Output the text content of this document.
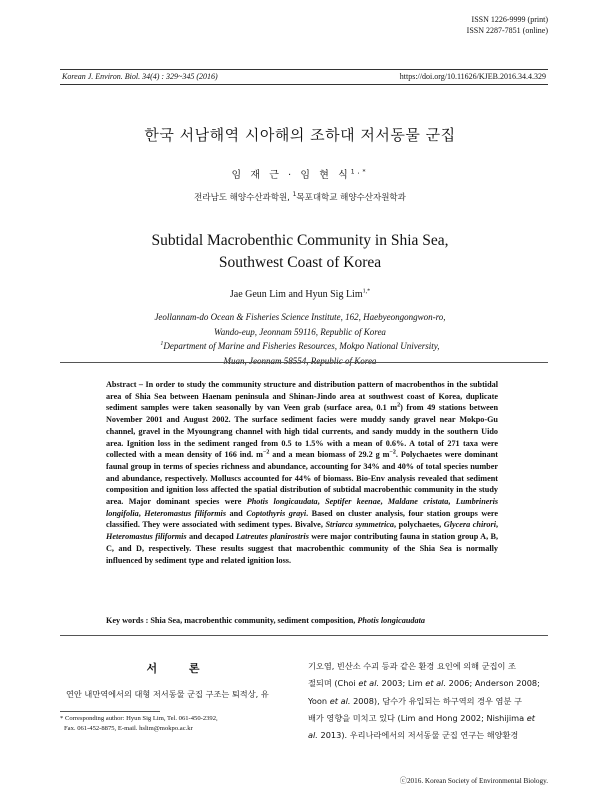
ISSN 1226-9999 (print)
ISSN 2287-7851 (online)
Korean J. Environ. Biol. 34(4) : 329~345 (2016)	https://doi.org/10.11626/KJEB.2016.34.4.329
한국 서남해역 시아해의 조하대 저서동물 군집
임 재 근 · 임 현 식$^{1,*}$
전라남도 해양수산과학원, $^1$목포대학교 해양수산자원학과
Subtidal Macrobenthic Community in Shia Sea,
Southwest Coast of Korea
Jae Geun Lim and Hyun Sig Lim$^{1,*}$
Jeollannam-do Ocean & Fisheries Science Institute, 162, Haebyeongongwon-ro,
Wando-eup, Jeonnam 59116, Republic of Korea
$^1$Department of Marine and Fisheries Resources, Mokpo National University,
Muan, Jeonnam 58554, Republic of Korea
Abstract – In order to study the community structure and distribution pattern of macrobenthos in the subtidal area of Shia Sea between Haenam peninsula and Shinan-Jindo area at southwest coast of Korea, duplicate sediment samples were taken seasonally by van Veen grab (surface area, 0.1 $m^2$) from 49 stations between November 2001 and August 2002. The surface sediment facies were muddy sandy gravel near Mokpo-Gu channel, gravel in the Myoungrang channel with high tidal currents, and sandy muddy in the southern Uido area. Ignition loss in the sediment ranged from 0.5 to 1.5% with a mean of 0.6%. A total of 271 taxa were collected with a mean density of 166 ind. $m^{-2}$ and a mean biomass of 29.2 g $m^{-2}$. Polychaetes were dominant faunal group in terms of species richness and abundance, accounting for 34% and 40% of total species number and abundance, respectively. Molluscs accounted for 44% of biomass. Bio-Env analysis revealed that sediment composition and ignition loss affected the spatial distribution of subtidal macrobenthic community in the study area. Major dominant species were Photis longicaudata, Septifer keenae, Maldane cristata, Lumbrineris longifolia, Heteromastus filiformis and Coptothyris grayi. Based on cluster analysis, four station groups were classified. They were associated with sediment types. Bivalve, Striarca symmetrica, polychaetes, Glycera chirori, Heteromastus filiformis and decapod Latreutes planirostris were major contributing fauna in station group A, B, C, and D, respectively. These results suggest that macrobenthic community of the Shia Sea is normally influenced by sediment type and related ignition loss.
Key words : Shia Sea, macrobenthic community, sediment composition, Photis longicaudata
서 론
연안 내만역에서의 대형 저서동물 군집 구조는 퇴적상, 유
* Corresponding author: Hyun Sig Lim, Tel. 061-450-2392,
Fax. 061-452-8875, E-mail. hslim@mokpo.ac.kr
기오염, 빈산소 수괴 등과 같은 환경 요인에 의해 군집이 조
절되며 (Choi et al. 2003; Lim et al. 2006; Anderson 2008;
Yoon et al. 2008), 담수가 유입되는 하구역의 경우 염분 구
배가 영향을 미치고 있다 (Lim and Hong 2002; Nishijima et
al. 2013). 우리나라에서의 저서동물 군집 연구는 해양환경
ⓒ2016. Korean Society of Environmental Biology.
